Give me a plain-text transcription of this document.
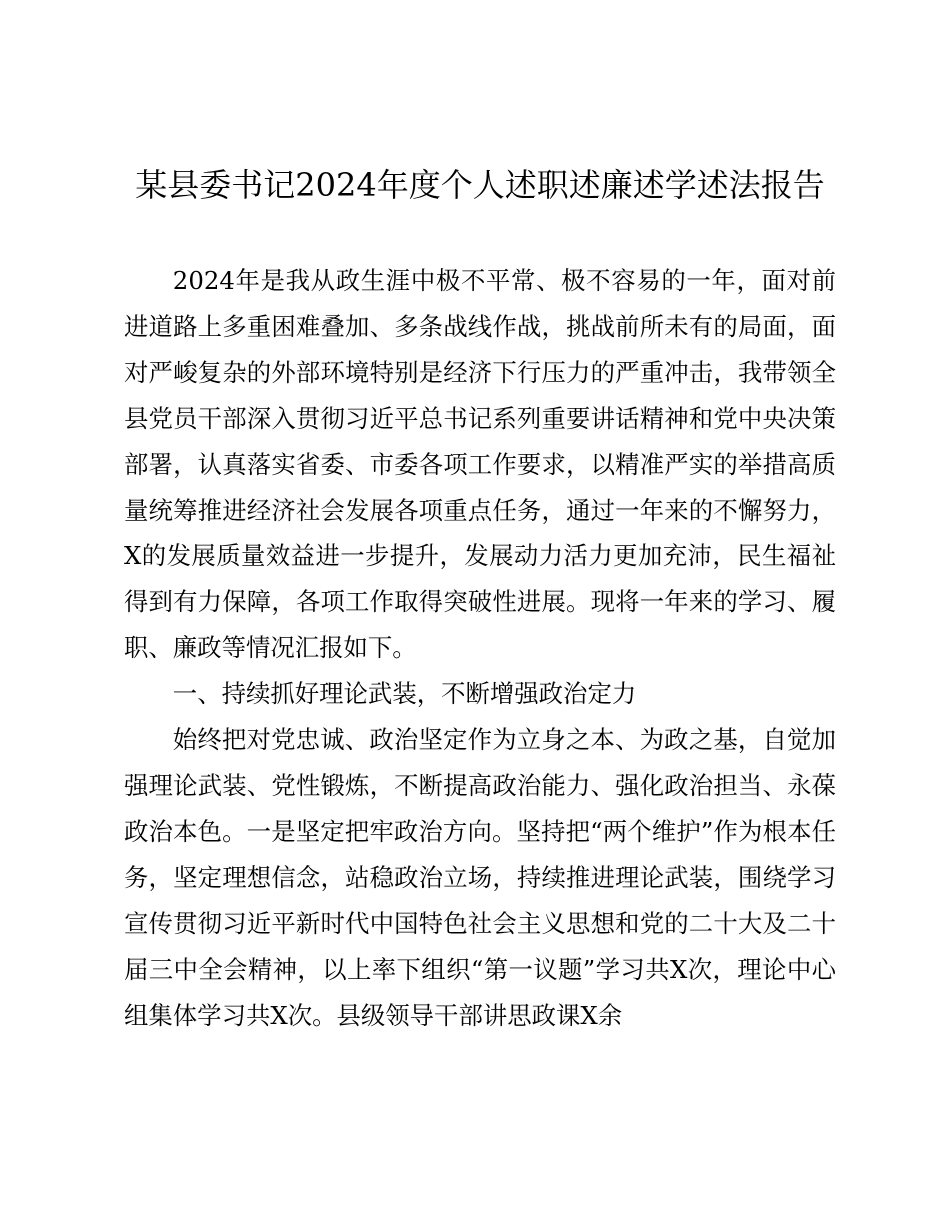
某县委书记2024年度个人述职述廉述学述法报告

2024年是我从政生涯中极不平常、极不容易的一年，面对前进道路上多重困难叠加、多条战线作战，挑战前所未有的局面，面对严峻复杂的外部环境特别是经济下行压力的严重冲击，我带领全县党员干部深入贯彻习近平总书记系列重要讲话精神和党中央决策部署，认真落实省委、市委各项工作要求，以精准严实的举措高质量统筹推进经济社会发展各项重点任务，通过一年来的不懈努力，X的发展质量效益进一步提升，发展动力活力更加充沛，民生福祉得到有力保障，各项工作取得突破性进展。现将一年来的学习、履职、廉政等情况汇报如下。

一、持续抓好理论武装，不断增强政治定力

始终把对党忠诚、政治坚定作为立身之本、为政之基，自觉加强理论武装、党性锻炼，不断提高政治能力、强化政治担当、永葆政治本色。一是坚定把牢政治方向。坚持把“两个维护”作为根本任务，坚定理想信念，站稳政治立场，持续推进理论武装，围绕学习宣传贯彻习近平新时代中国特色社会主义思想和党的二十大及二十届三中全会精神，以上率下组织“第一议题”学习共X次，理论中心组集体学习共X次。县级领导干部讲思政课X余
